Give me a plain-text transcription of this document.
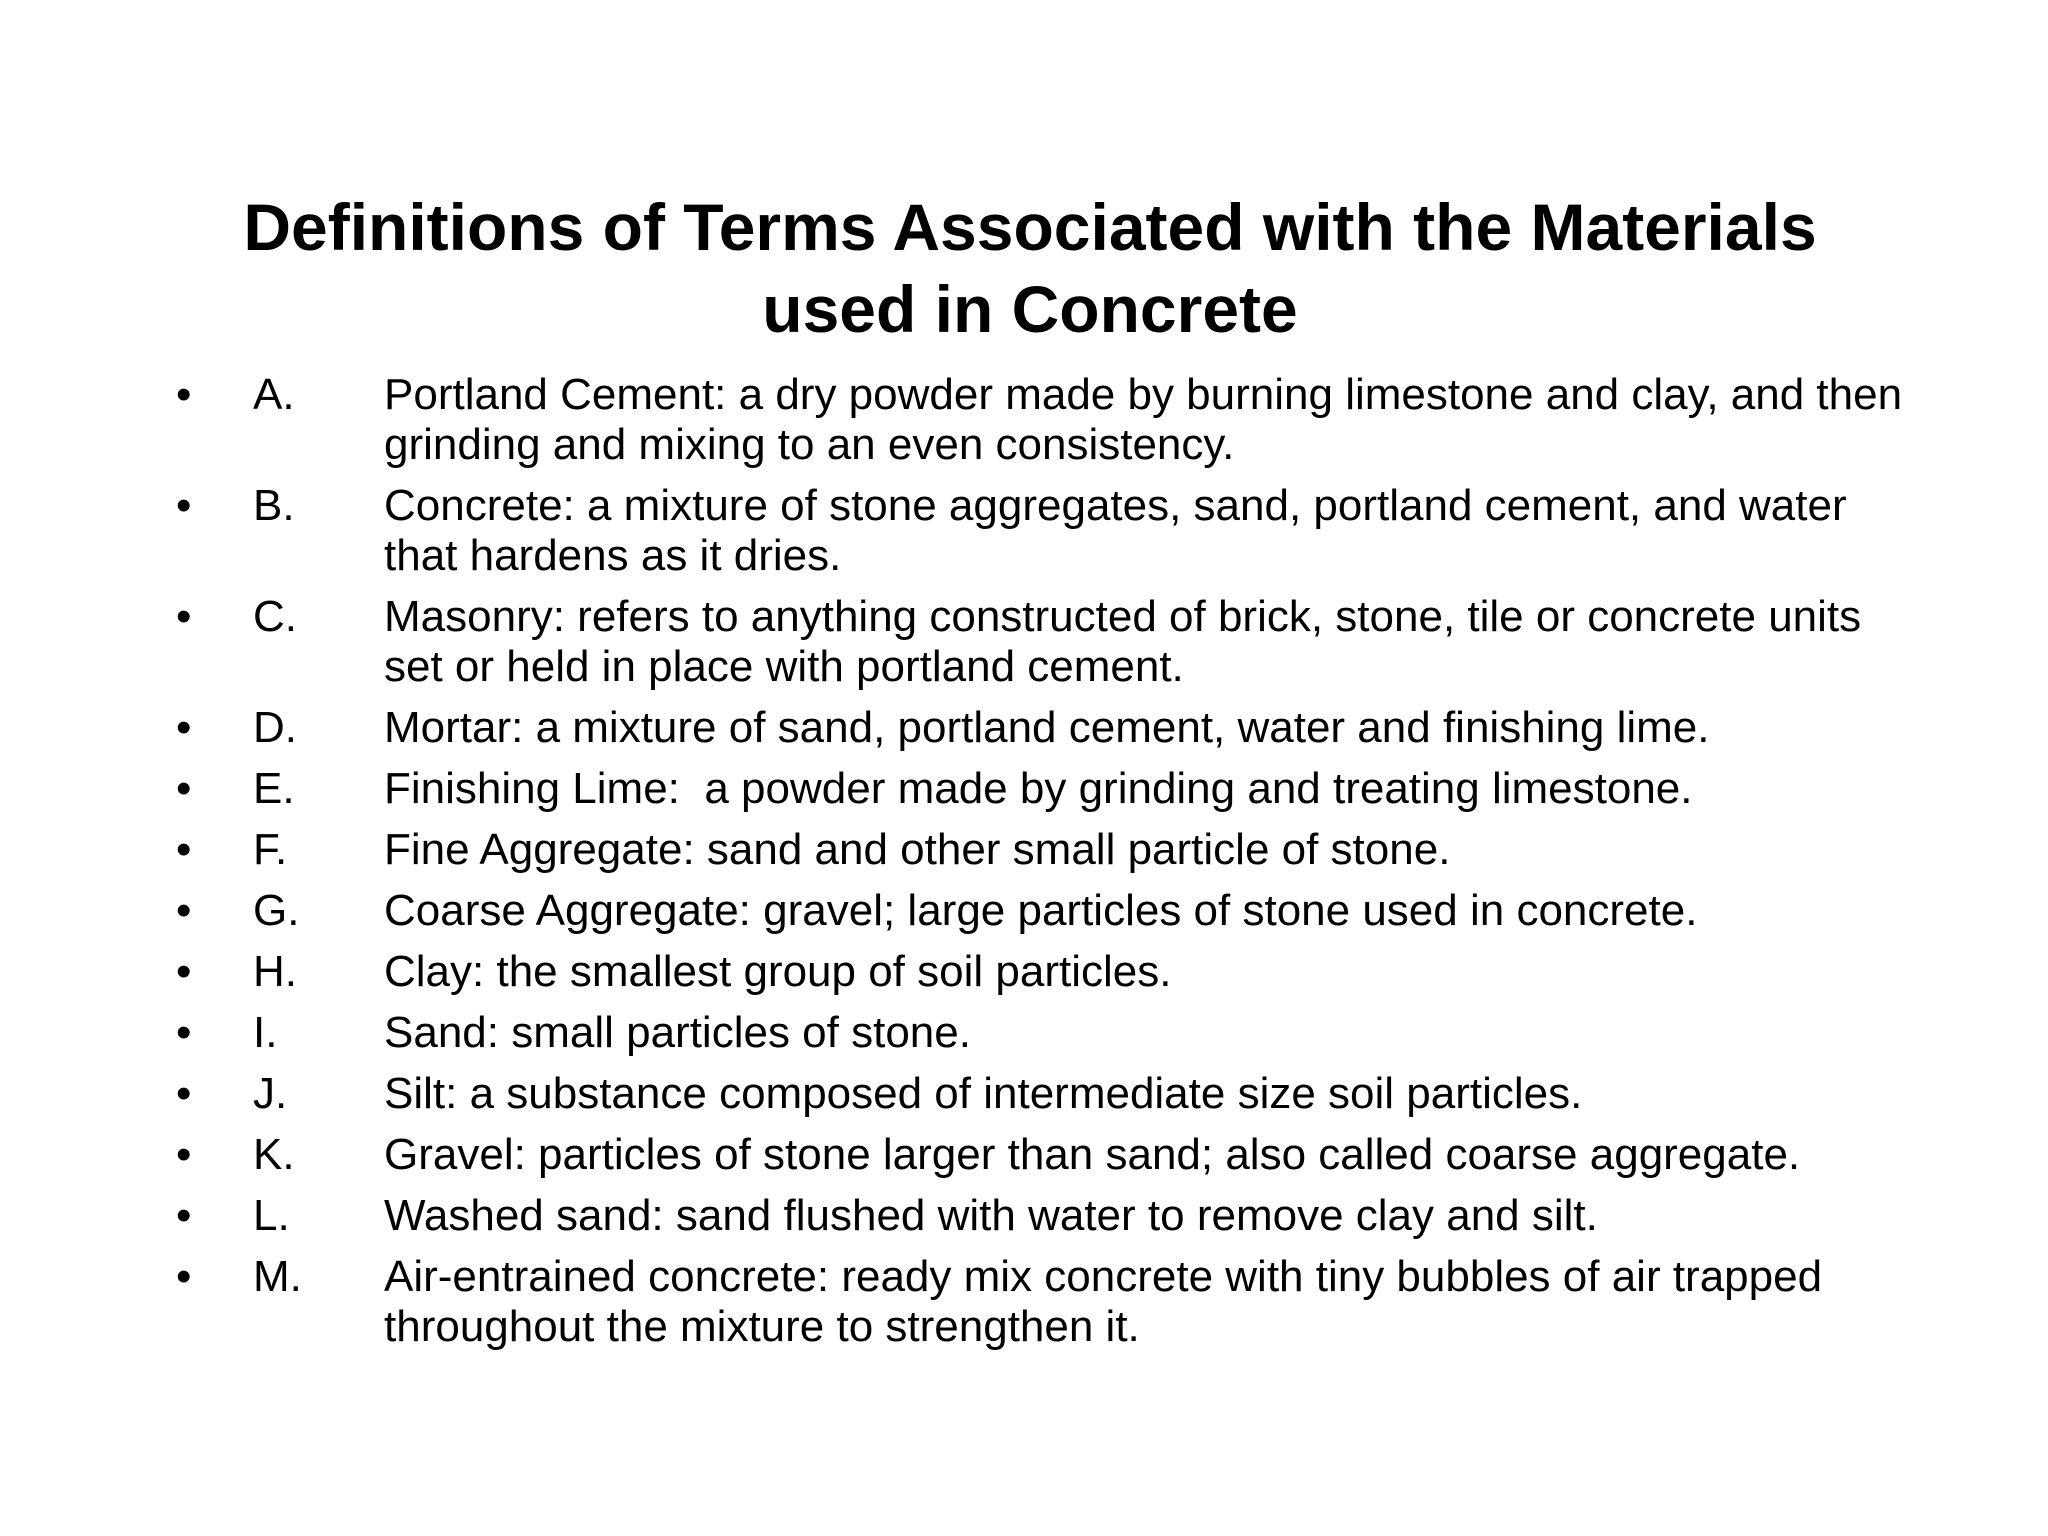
Definitions of Terms Associated with the Materials
used in Concrete
• A. Portland Cement: a dry powder made by burning limestone and clay, and then grinding and mixing to an even consistency.
• B. Concrete: a mixture of stone aggregates, sand, portland cement, and water that hardens as it dries.
• C. Masonry: refers to anything constructed of brick, stone, tile or concrete units set or held in place with portland cement.
• D. Mortar: a mixture of sand, portland cement, water and finishing lime.
• E. Finishing Lime:  a powder made by grinding and treating limestone.
• F. Fine Aggregate: sand and other small particle of stone.
• G. Coarse Aggregate: gravel; large particles of stone used in concrete.
• H. Clay: the smallest group of soil particles.
• I. Sand: small particles of stone.
• J. Silt: a substance composed of intermediate size soil particles.
• K. Gravel: particles of stone larger than sand; also called coarse aggregate.
• L. Washed sand: sand flushed with water to remove clay and silt.
• M. Air-entrained concrete: ready mix concrete with tiny bubbles of air trapped throughout the mixture to strengthen it.
